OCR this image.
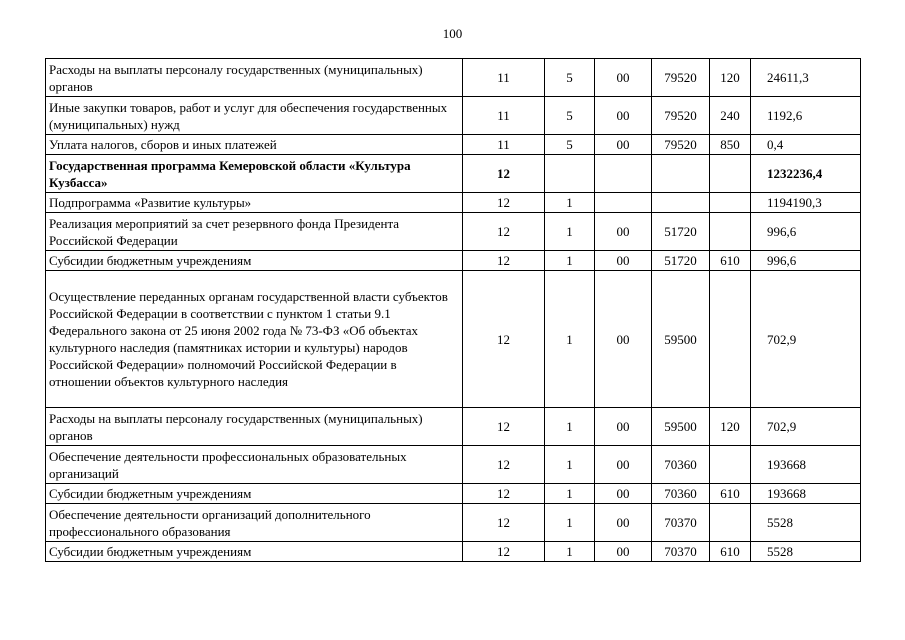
100
Расходы на выплаты персоналу государственных (муниципальных) органов	11	5	00	79520	120	24611,3
Иные закупки товаров, работ и услуг для обеспечения государственных (муниципальных) нужд	11	5	00	79520	240	1192,6
Уплата налогов, сборов и иных платежей	11	5	00	79520	850	0,4
Государственная программа Кемеровской области «Культура Кузбасса»	12					1232236,4
Подпрограмма «Развитие культуры»	12	1				1194190,3
Реализация мероприятий за счет резервного фонда Президента Российской Федерации	12	1	00	51720		996,6
Субсидии бюджетным учреждениям	12	1	00	51720	610	996,6
Осуществление переданных органам государственной власти субъектов Российской Федерации в соответствии с пунктом 1 статьи 9.1 Федерального закона от 25 июня 2002 года № 73-ФЗ «Об объектах культурного наследия (памятниках истории и культуры) народов Российской Федерации» полномочий Российской Федерации в отношении объектов культурного наследия	12	1	00	59500		702,9
Расходы на выплаты персоналу государственных (муниципальных) органов	12	1	00	59500	120	702,9
Обеспечение деятельности профессиональных образовательных организаций	12	1	00	70360		193668
Субсидии бюджетным учреждениям	12	1	00	70360	610	193668
Обеспечение деятельности организаций дополнительного профессионального образования	12	1	00	70370		5528
Субсидии бюджетным учреждениям	12	1	00	70370	610	5528
